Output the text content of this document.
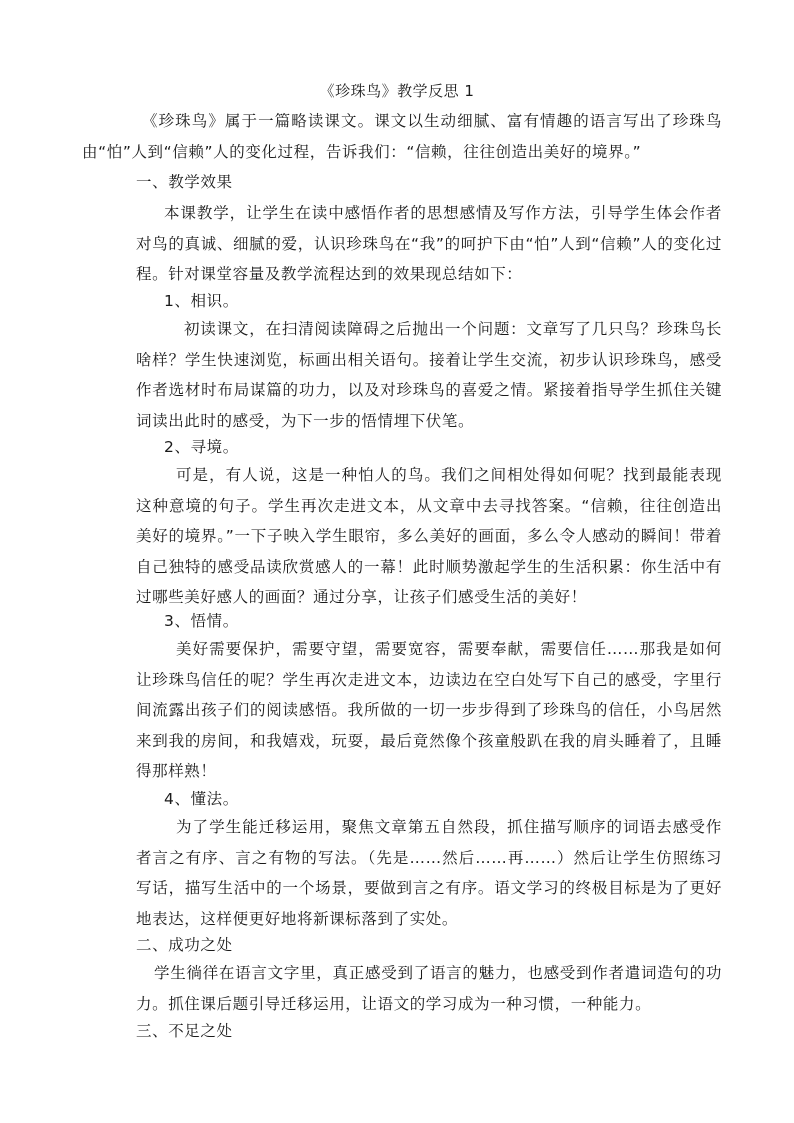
《珍珠鸟》教学反思 1
《珍珠鸟》属于一篇略读课文。课文以生动细腻、富有情趣的语言写出了珍珠鸟由“怕”人到“信赖”人的变化过程，告诉我们：“信赖，往往创造出美好的境界。”
一、教学效果
本课教学，让学生在读中感悟作者的思想感情及写作方法，引导学生体会作者对鸟的真诚、细腻的爱，认识珍珠鸟在“我”的呵护下由“怕”人到“信赖”人的变化过程。针对课堂容量及教学流程达到的效果现总结如下：
1、相识。
初读课文，在扫清阅读障碍之后抛出一个问题：文章写了几只鸟？珍珠鸟长啥样？学生快速浏览，标画出相关语句。接着让学生交流，初步认识珍珠鸟，感受作者选材时布局谋篇的功力，以及对珍珠鸟的喜爱之情。紧接着指导学生抓住关键词读出此时的感受，为下一步的悟情埋下伏笔。
2、寻境。
可是，有人说，这是一种怕人的鸟。我们之间相处得如何呢？找到最能表现这种意境的句子。学生再次走进文本，从文章中去寻找答案。“信赖，往往创造出美好的境界。”一下子映入学生眼帘，多么美好的画面，多么令人感动的瞬间！带着自己独特的感受品读欣赏感人的一幕！此时顺势激起学生的生活积累：你生活中有过哪些美好感人的画面？通过分享，让孩子们感受生活的美好！
3、悟情。
美好需要保护，需要守望，需要宽容，需要奉献，需要信任……那我是如何让珍珠鸟信任的呢？学生再次走进文本，边读边在空白处写下自己的感受，字里行间流露出孩子们的阅读感悟。我所做的一切一步步得到了珍珠鸟的信任，小鸟居然来到我的房间，和我嬉戏，玩耍，最后竟然像个孩童般趴在我的肩头睡着了，且睡得那样熟！
4、懂法。
为了学生能迁移运用，聚焦文章第五自然段，抓住描写顺序的词语去感受作者言之有序、言之有物的写法。（先是……然后……再……）然后让学生仿照练习写话，描写生活中的一个场景，要做到言之有序。语文学习的终极目标是为了更好地表达，这样便更好地将新课标落到了实处。
二、成功之处
学生徜徉在语言文字里，真正感受到了语言的魅力，也感受到作者遣词造句的功力。抓住课后题引导迁移运用，让语文的学习成为一种习惯，一种能力。
三、不足之处
